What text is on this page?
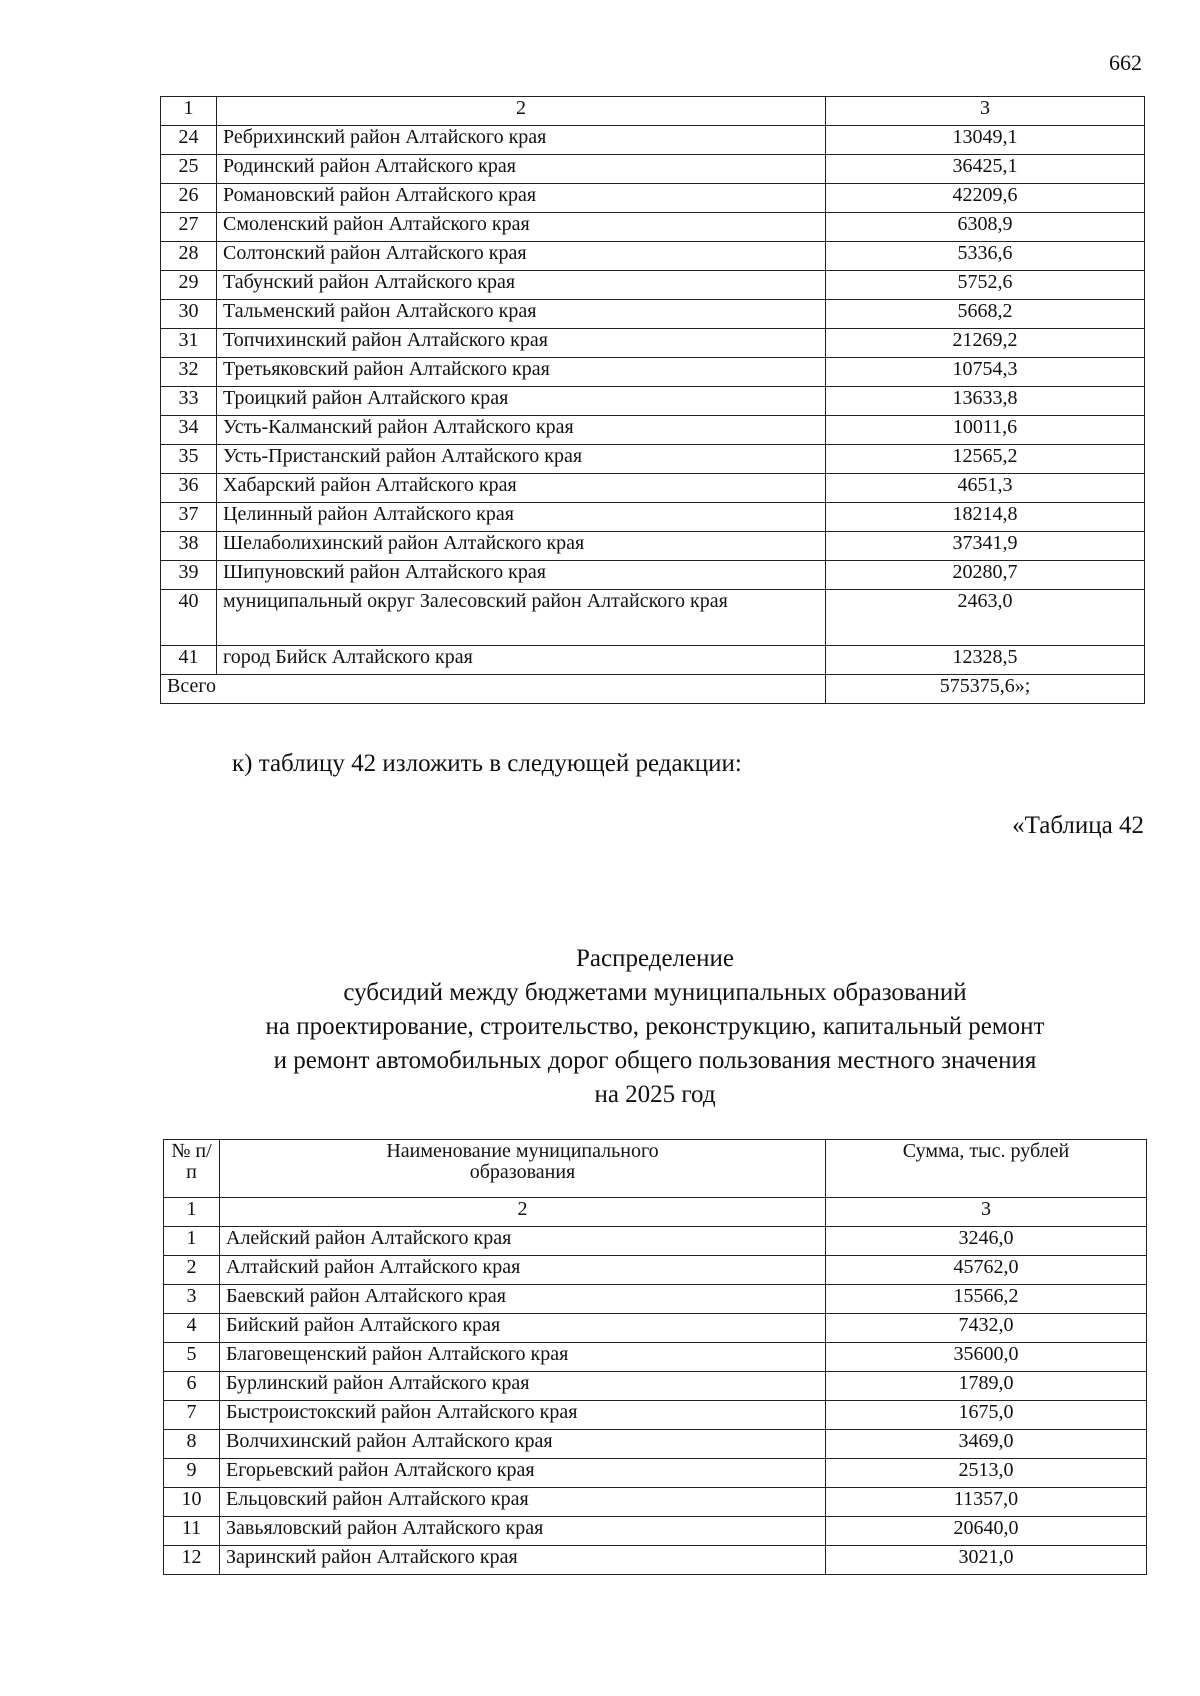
662
1	2	3
24	Ребрихинский район Алтайского края	13049,1
25	Родинский район Алтайского края	36425,1
26	Романовский район Алтайского края	42209,6
27	Смоленский район Алтайского края	6308,9
28	Солтонский район Алтайского края	5336,6
29	Табунский район Алтайского края	5752,6
30	Тальменский район Алтайского края	5668,2
31	Топчихинский район Алтайского края	21269,2
32	Третьяковский район Алтайского края	10754,3
33	Троицкий район Алтайского края	13633,8
34	Усть-Калманский район Алтайского края	10011,6
35	Усть-Пристанский район Алтайского края	12565,2
36	Хабарский район Алтайского края	4651,3
37	Целинный район Алтайского края	18214,8
38	Шелаболихинский район Алтайского края	37341,9
39	Шипуновский район Алтайского края	20280,7
40	муниципальный округ Залесовский район Алтайского края	2463,0
41	город Бийск Алтайского края	12328,5
Всего		575375,6»;
к) таблицу 42 изложить в следующей редакции:
«Таблица 42
Распределение
субсидий между бюджетами муниципальных образований
на проектирование, строительство, реконструкцию, капитальный ремонт
и ремонт автомобильных дорог общего пользования местного значения
на 2025 год
№ п/п	Наименование муниципального образования	Сумма, тыс. рублей
1	2	3
1	Алейский район Алтайского края	3246,0
2	Алтайский район Алтайского края	45762,0
3	Баевский район Алтайского края	15566,2
4	Бийский район Алтайского края	7432,0
5	Благовещенский район Алтайского края	35600,0
6	Бурлинский район Алтайского края	1789,0
7	Быстроистокский район Алтайского края	1675,0
8	Волчихинский район Алтайского края	3469,0
9	Егорьевский район Алтайского края	2513,0
10	Ельцовский район Алтайского края	11357,0
11	Завьяловский район Алтайского края	20640,0
12	Заринский район Алтайского края	3021,0
